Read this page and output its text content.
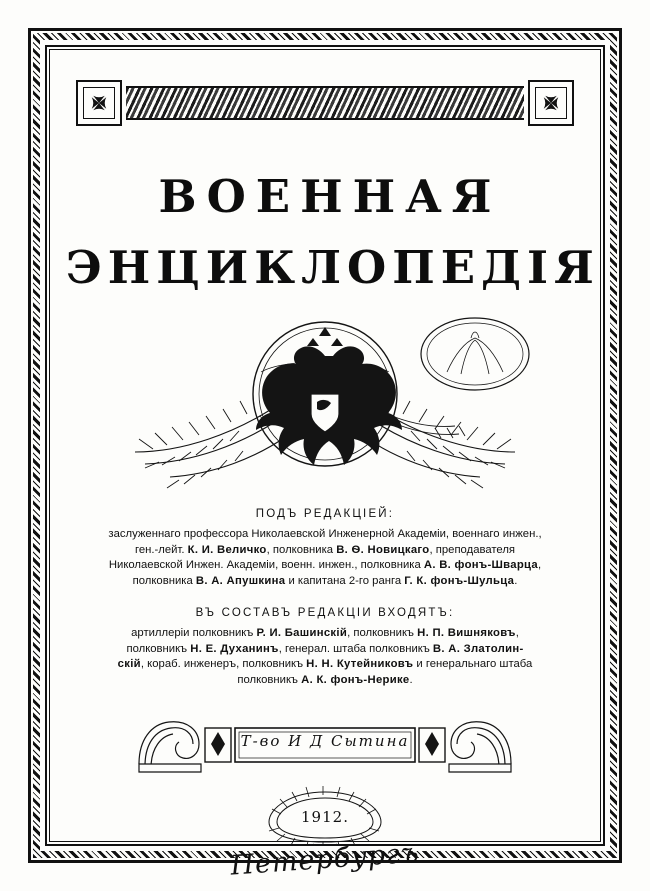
ВОЕННАЯ
ЭНЦИКЛОПЕДІЯ
ПОДЪ РЕДАКЦІЕЙ:
заслуженнаго профессора Николаевской Инженерной Академіи, военнаго инжен.,
ген.-лейт. К. И. Величко, полковника В. Ѳ. Новицкаго, преподавателя
Николаевской Инжен. Академіи, военн. инжен., полковника А. В. фонъ-Шварца,
полковника В. А. Апушкина и капитана 2-го ранга Г. К. фонъ-Шульца.
ВЪ СОСТАВЪ РЕДАКЦІИ ВХОДЯТЪ:
артиллеріи полковникъ Р. И. Башинскій, полковникъ Н. П. Вишняковъ,
полковникъ Н. Е. Духанинъ, генерал. штаба полковникъ В. А. Златолин-
скій, кораб. инженеръ, полковникъ Н. Н. Кутейниковъ и генеральнаго штаба
полковникъ А. К. фонъ-Нерике.
Т-во И Д Сытина
1912.
Петербургъ
